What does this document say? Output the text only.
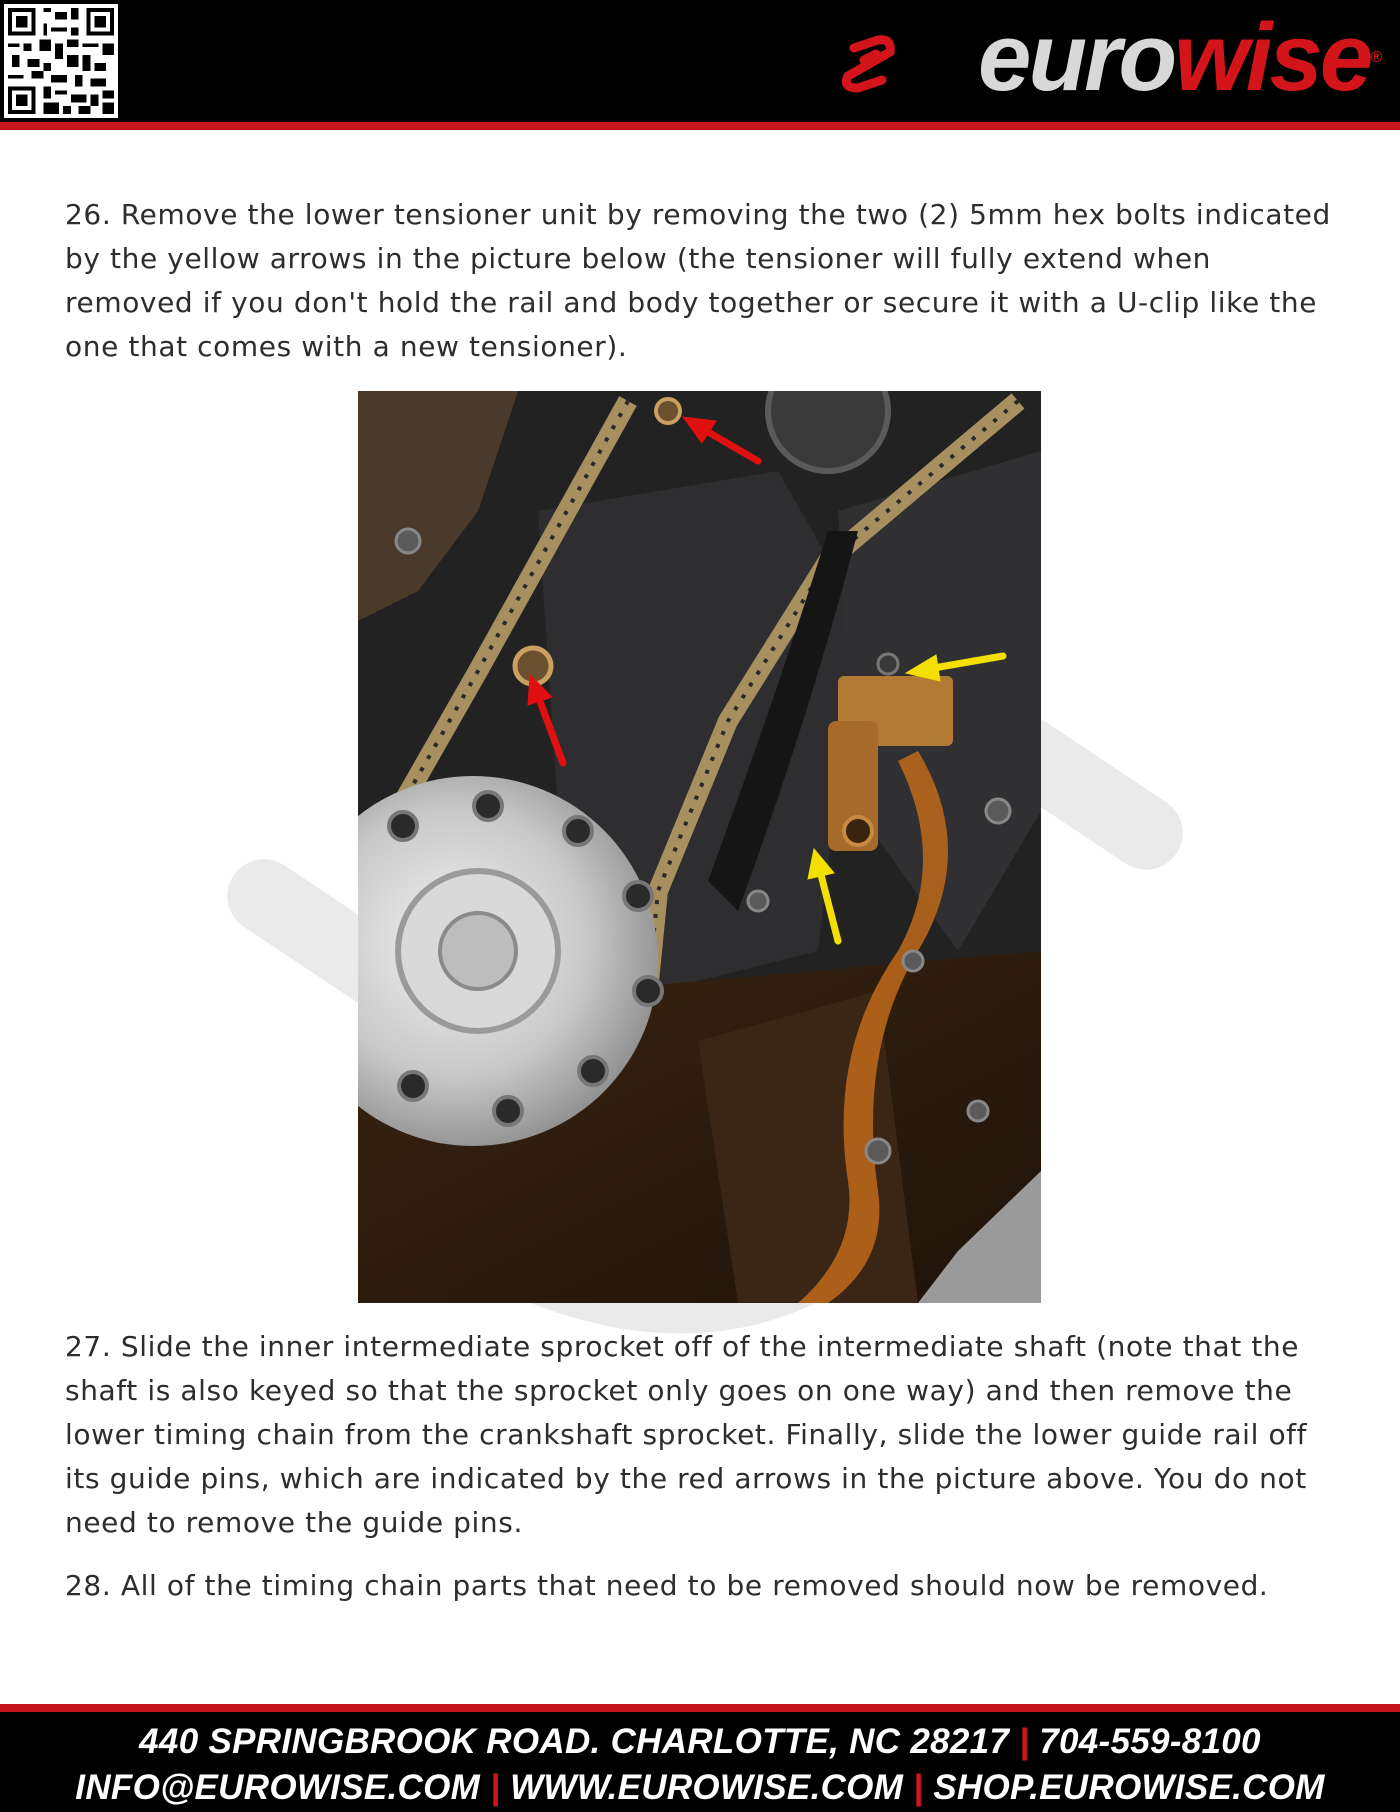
eurowise®

26. Remove the lower tensioner unit by removing the two (2) 5mm hex bolts indicated by the yellow arrows in the picture below (the tensioner will fully extend when removed if you don't hold the rail and body together or secure it with a U-clip like the one that comes with a new tensioner).

27. Slide the inner intermediate sprocket off of the intermediate shaft (note that the shaft is also keyed so that the sprocket only goes on one way) and then remove the lower timing chain from the crankshaft sprocket. Finally, slide the lower guide rail off its guide pins, which are indicated by the red arrows in the picture above. You do not need to remove the guide pins.

28. All of the timing chain parts that need to be removed should now be removed.

440 SPRINGBROOK ROAD. CHARLOTTE, NC 28217 | 704-559-8100
INFO@EUROWISE.COM | WWW.EUROWISE.COM | SHOP.EUROWISE.COM
